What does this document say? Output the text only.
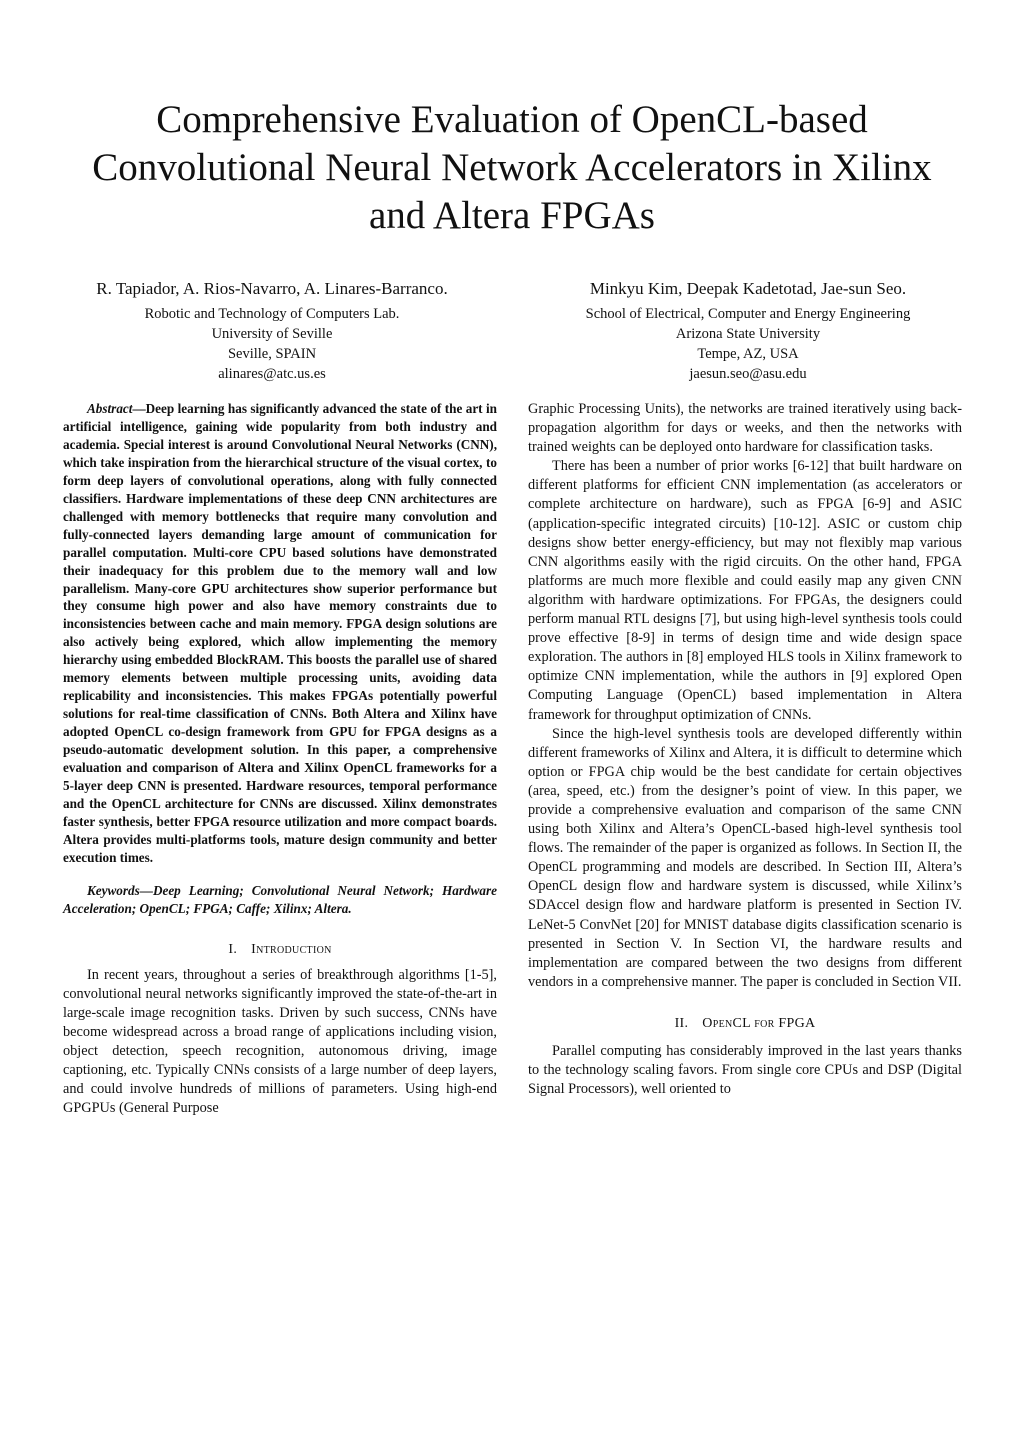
Comprehensive Evaluation of OpenCL-based
Convolutional Neural Network Accelerators in Xilinx
and Altera FPGAs
R. Tapiador, A. Rios-Navarro, A. Linares-Barranco.
Robotic and Technology of Computers Lab.
University of Seville
Seville, SPAIN
alinares@atc.us.es
Minkyu Kim, Deepak Kadetotad, Jae-sun Seo.
School of Electrical, Computer and Energy Engineering
Arizona State University
Tempe, AZ, USA
jaesun.seo@asu.edu

Abstract—Deep learning has significantly advanced the state of the art in artificial intelligence, gaining wide popularity from both industry and academia. Special interest is around Convolutional Neural Networks (CNN), which take inspiration from the hierarchical structure of the visual cortex, to form deep layers of convolutional operations, along with fully connected classifiers. Hardware implementations of these deep CNN architectures are challenged with memory bottlenecks that require many convolution and fully-connected layers demanding large amount of communication for parallel computation. Multi-core CPU based solutions have demonstrated their inadequacy for this problem due to the memory wall and low parallelism. Many-core GPU architectures show superior performance but they consume high power and also have memory constraints due to inconsistencies between cache and main memory. FPGA design solutions are also actively being explored, which allow implementing the memory hierarchy using embedded BlockRAM. This boosts the parallel use of shared memory elements between multiple processing units, avoiding data replicability and inconsistencies. This makes FPGAs potentially powerful solutions for real-time classification of CNNs. Both Altera and Xilinx have adopted OpenCL co-design framework from GPU for FPGA designs as a pseudo-automatic development solution. In this paper, a comprehensive evaluation and comparison of Altera and Xilinx OpenCL frameworks for a 5-layer deep CNN is presented. Hardware resources, temporal performance and the OpenCL architecture for CNNs are discussed. Xilinx demonstrates faster synthesis, better FPGA resource utilization and more compact boards. Altera provides multi-platforms tools, mature design community and better execution times.

Keywords—Deep Learning; Convolutional Neural Network; Hardware Acceleration; OpenCL; FPGA; Caffe; Xilinx; Altera.

I. Introduction

In recent years, throughout a series of breakthrough algorithms [1-5], convolutional neural networks significantly improved the state-of-the-art in large-scale image recognition tasks. Driven by such success, CNNs have become widespread across a broad range of applications including vision, object detection, speech recognition, autonomous driving, image captioning, etc. Typically CNNs consists of a large number of deep layers, and could involve hundreds of millions of parameters. Using high-end GPGPUs (General Purpose

Graphic Processing Units), the networks are trained iteratively using back-propagation algorithm for days or weeks, and then the networks with trained weights can be deployed onto hardware for classification tasks.

There has been a number of prior works [6-12] that built hardware on different platforms for efficient CNN implementation (as accelerators or complete architecture on hardware), such as FPGA [6-9] and ASIC (application-specific integrated circuits) [10-12]. ASIC or custom chip designs show better energy-efficiency, but may not flexibly map various CNN algorithms easily with the rigid circuits. On the other hand, FPGA platforms are much more flexible and could easily map any given CNN algorithm with hardware optimizations. For FPGAs, the designers could perform manual RTL designs [7], but using high-level synthesis tools could prove effective [8-9] in terms of design time and wide design space exploration. The authors in [8] employed HLS tools in Xilinx framework to optimize CNN implementation, while the authors in [9] explored Open Computing Language (OpenCL) based implementation in Altera framework for throughput optimization of CNNs.

Since the high-level synthesis tools are developed differently within different frameworks of Xilinx and Altera, it is difficult to determine which option or FPGA chip would be the best candidate for certain objectives (area, speed, etc.) from the designer’s point of view. In this paper, we provide a comprehensive evaluation and comparison of the same CNN using both Xilinx and Altera’s OpenCL-based high-level synthesis tool flows. The remainder of the paper is organized as follows. In Section II, the OpenCL programming and models are described. In Section III, Altera’s OpenCL design flow and hardware system is discussed, while Xilinx’s SDAccel design flow and hardware platform is presented in Section IV. LeNet-5 ConvNet [20] for MNIST database digits classification scenario is presented in Section V. In Section VI, the hardware results and implementation are compared between the two designs from different vendors in a comprehensive manner. The paper is concluded in Section VII.

II. OpenCL for FPGA

Parallel computing has considerably improved in the last years thanks to the technology scaling favors. From single core CPUs and DSP (Digital Signal Processors), well oriented to
